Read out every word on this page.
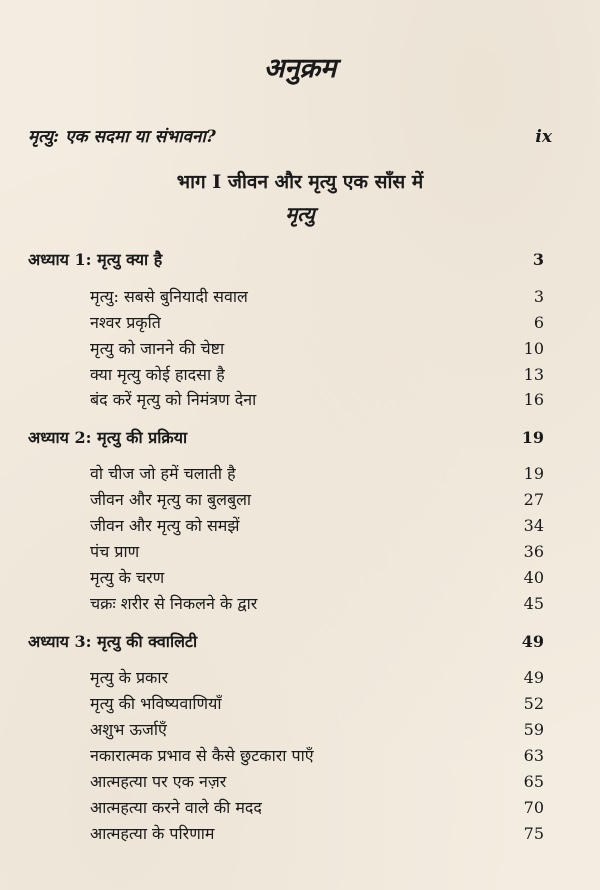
अनुक्रम
मृत्यु: एक सदमा या संभावना?	ix
भाग I जीवन और मृत्यु एक साँस में
मृत्यु
अध्याय 1: मृत्यु क्या है	3
मृत्यु: सबसे बुनियादी सवाल	3
नश्वर प्रकृति	6
मृत्यु को जानने की चेष्टा	10
क्या मृत्यु कोई हादसा है	13
बंद करें मृत्यु को निमंत्रण देना	16
अध्याय 2: मृत्यु की प्रक्रिया	19
वो चीज जो हमें चलाती है	19
जीवन और मृत्यु का बुलबुला	27
जीवन और मृत्यु को समझें	34
पंच प्राण	36
मृत्यु के चरण	40
चक्रः शरीर से निकलने के द्वार	45
अध्याय 3: मृत्यु की क्वालिटी	49
मृत्यु के प्रकार	49
मृत्यु की भविष्यवाणियाँ	52
अशुभ ऊर्जाएँ	59
नकारात्मक प्रभाव से कैसे छुटकारा पाएँ	63
आत्महत्या पर एक नज़र	65
आत्महत्या करने वाले की मदद	70
आत्महत्या के परिणाम	75
